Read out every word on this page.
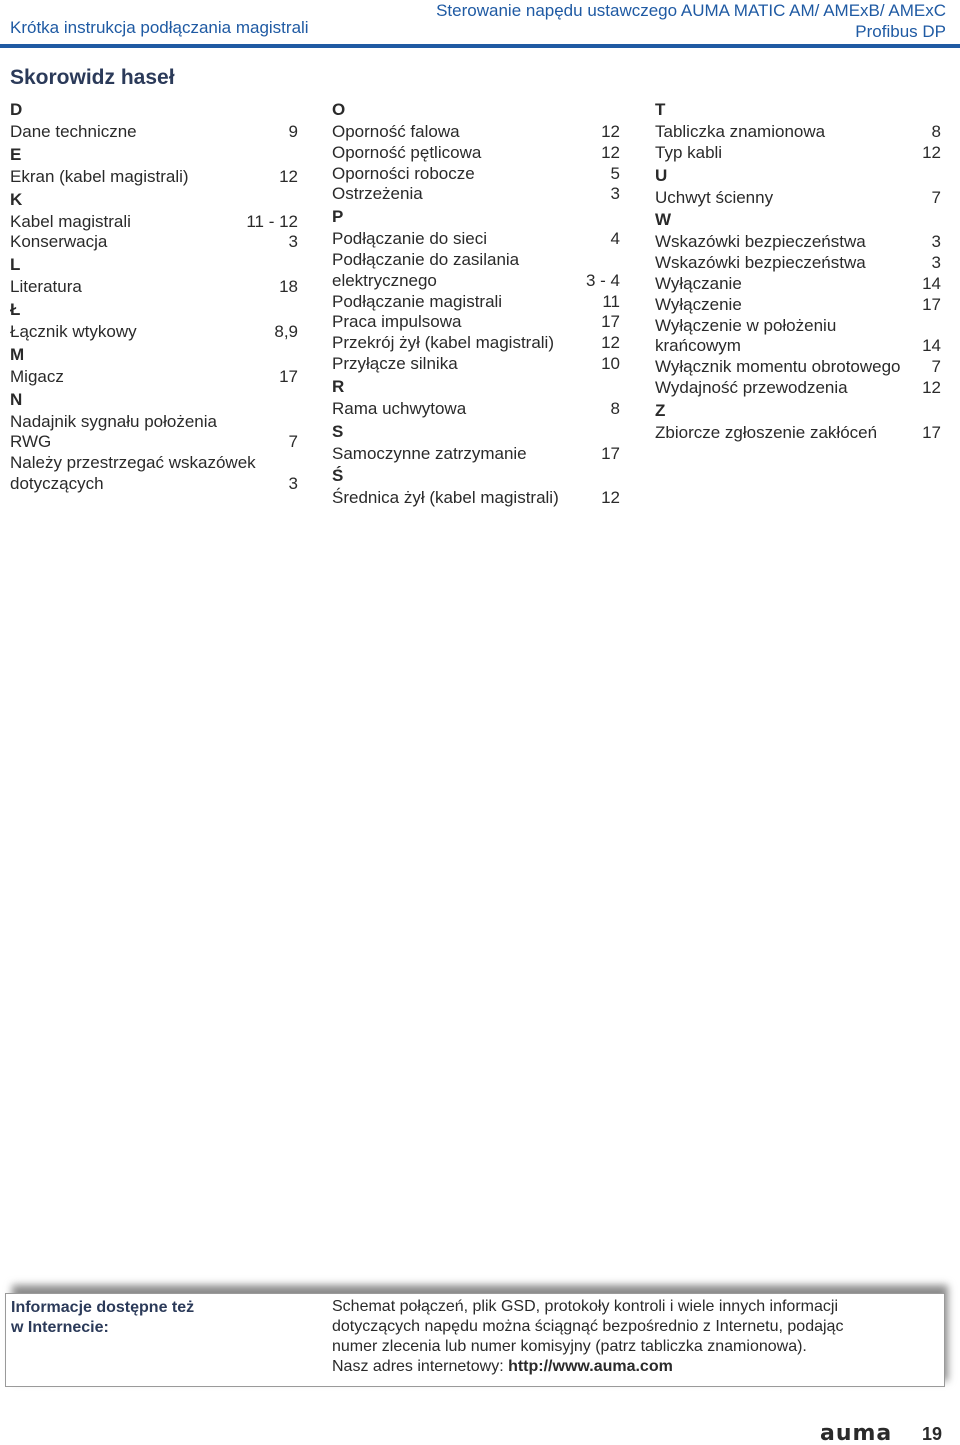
Krótka instrukcja podłączania magistrali
Sterowanie napędu ustawczego AUMA MATIC AM/ AMExB/ AMExC
Profibus DP
Skorowidz haseł
D
Dane techniczne	9
E
Ekran (kabel magistrali)	12
K
Kabel magistrali	11 - 12
Konserwacja	3
L
Literatura	18
Ł
Łącznik wtykowy	8,9
M
Migacz	17
N
Nadajnik sygnału położenia
RWG	7
Należy przestrzegać wskazówek
dotyczących	3
O
Oporność falowa	12
Oporność pętlicowa	12
Oporności robocze	5
Ostrzeżenia	3
P
Podłączanie do sieci	4
Podłączanie do zasilania
elektrycznego	3 - 4
Podłączanie magistrali	11
Praca impulsowa	17
Przekrój żył (kabel magistrali)	12
Przyłącze silnika	10
R
Rama uchwytowa	8
S
Samoczynne zatrzymanie	17
Ś
Średnica żył (kabel magistrali)	12
T
Tabliczka znamionowa	8
Typ kabli	12
U
Uchwyt ścienny	7
W
Wskazówki bezpieczeństwa	3
Wskazówki bezpieczeństwa	3
Wyłączanie	14
Wyłączenie	17
Wyłączenie w położeniu
krańcowym	14
Wyłącznik momentu obrotowego	7
Wydajność przewodzenia	12
Z
Zbiorcze zgłoszenie zakłóceń	17
Informacje dostępne też
w Internecie:
Schemat połączeń, plik GSD, protokoły kontroli i wiele innych informacji
dotyczących napędu można ściągnąć bezpośrednio z Internetu, podając
numer zlecenia lub numer komisyjny (patrz tabliczka znamionowa).
Nasz adres internetowy: http://www.auma.com
auma 19
